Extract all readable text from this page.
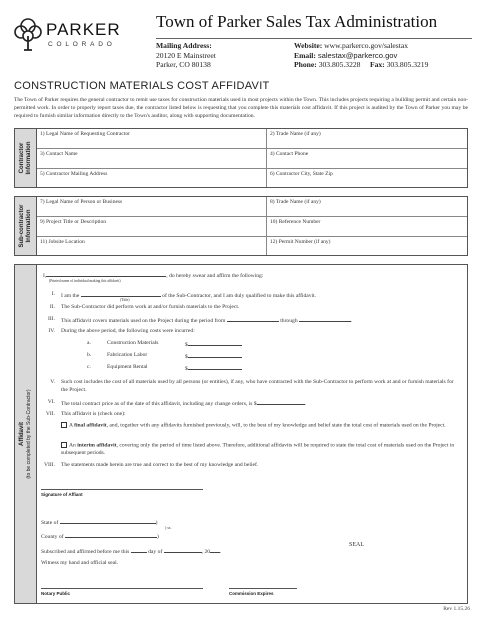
PARKER
COLORADO
Town of Parker Sales Tax Administration
Mailing Address:
20120 E Mainstreet
Parker, CO 80138
Website: www.parkerco.gov/salestax
Email: salestax@parkerco.gov
Phone: 303.805.3228 Fax: 303.805.3219
CONSTRUCTION MATERIALS COST AFFIDAVIT
The Town of Parker requires the general contractor to remit use taxes for construction materials used in most projects within the Town. This includes projects requiring a building permit and certain non-permitted work. In order to properly report taxes due, the contractor listed below is requesting that you complete this materials cost affidavit. If this project is audited by the Town of Parker you may be required to furnish similar information directly to the Town's auditor, along with supporting documentation.
Contractor Information
1) Legal Name of Requesting Contractor	2) Trade Name (if any)
3) Contact Name	4) Contact Phone
5) Contractor Mailing Address	6) Contractor City, State Zip
Sub-contractor Information
7) Legal Name of Person or Business	8) Trade Name (if any)
9) Project Title or Description	10) Reference Number
11) Jobsite Location	12) Permit Number (if any)
Affidavit
(to be completed by the Sub-Contractor)
I,	, do hereby swear and affirm the following:
(Printed name of individual making this affidavit)
I. I am the	of the Sub-Contractor, and I am duly qualified to make this affidavit.
(Title)
II. The Sub-Contractor did perform work at and/or furnish materials to the Project.
III. This affidavit covers materials used on the Project during the period from	through	.
IV. During the above period, the following costs were incurred:
a.	Construction Materials	$
b.	Fabrication Labor	$
c.	Equipment Rental	$
V. Such cost includes the cost of all materials used by all persons (or entities), if any, who have contracted with the Sub-Contractor to perform work at and or furnish materials for the Project.
VI. The total contract price as of the date of this affidavit, including any change orders, is $	.
VII. This affidavit is (check one):
A final affidavit, and, together with any affidavits furnished previously, will, to the best of my knowledge and belief state the total cost of materials used on the Project.
An interim affidavit, covering only the period of time listed above. Therefore, additional affidavits will be required to state the total cost of materials used on the Project in subsequent periods.
VIII. The statements made herein are true and correct to the best of my knowledge and belief.
Signature of Affiant
State of	)
) ss.
County of	)
Subscribed and affirmed before me this	day of	, 20 .
SEAL
Witness my hand and official seal.
Notary Public	Commission Expires
Rev 1.15.26
